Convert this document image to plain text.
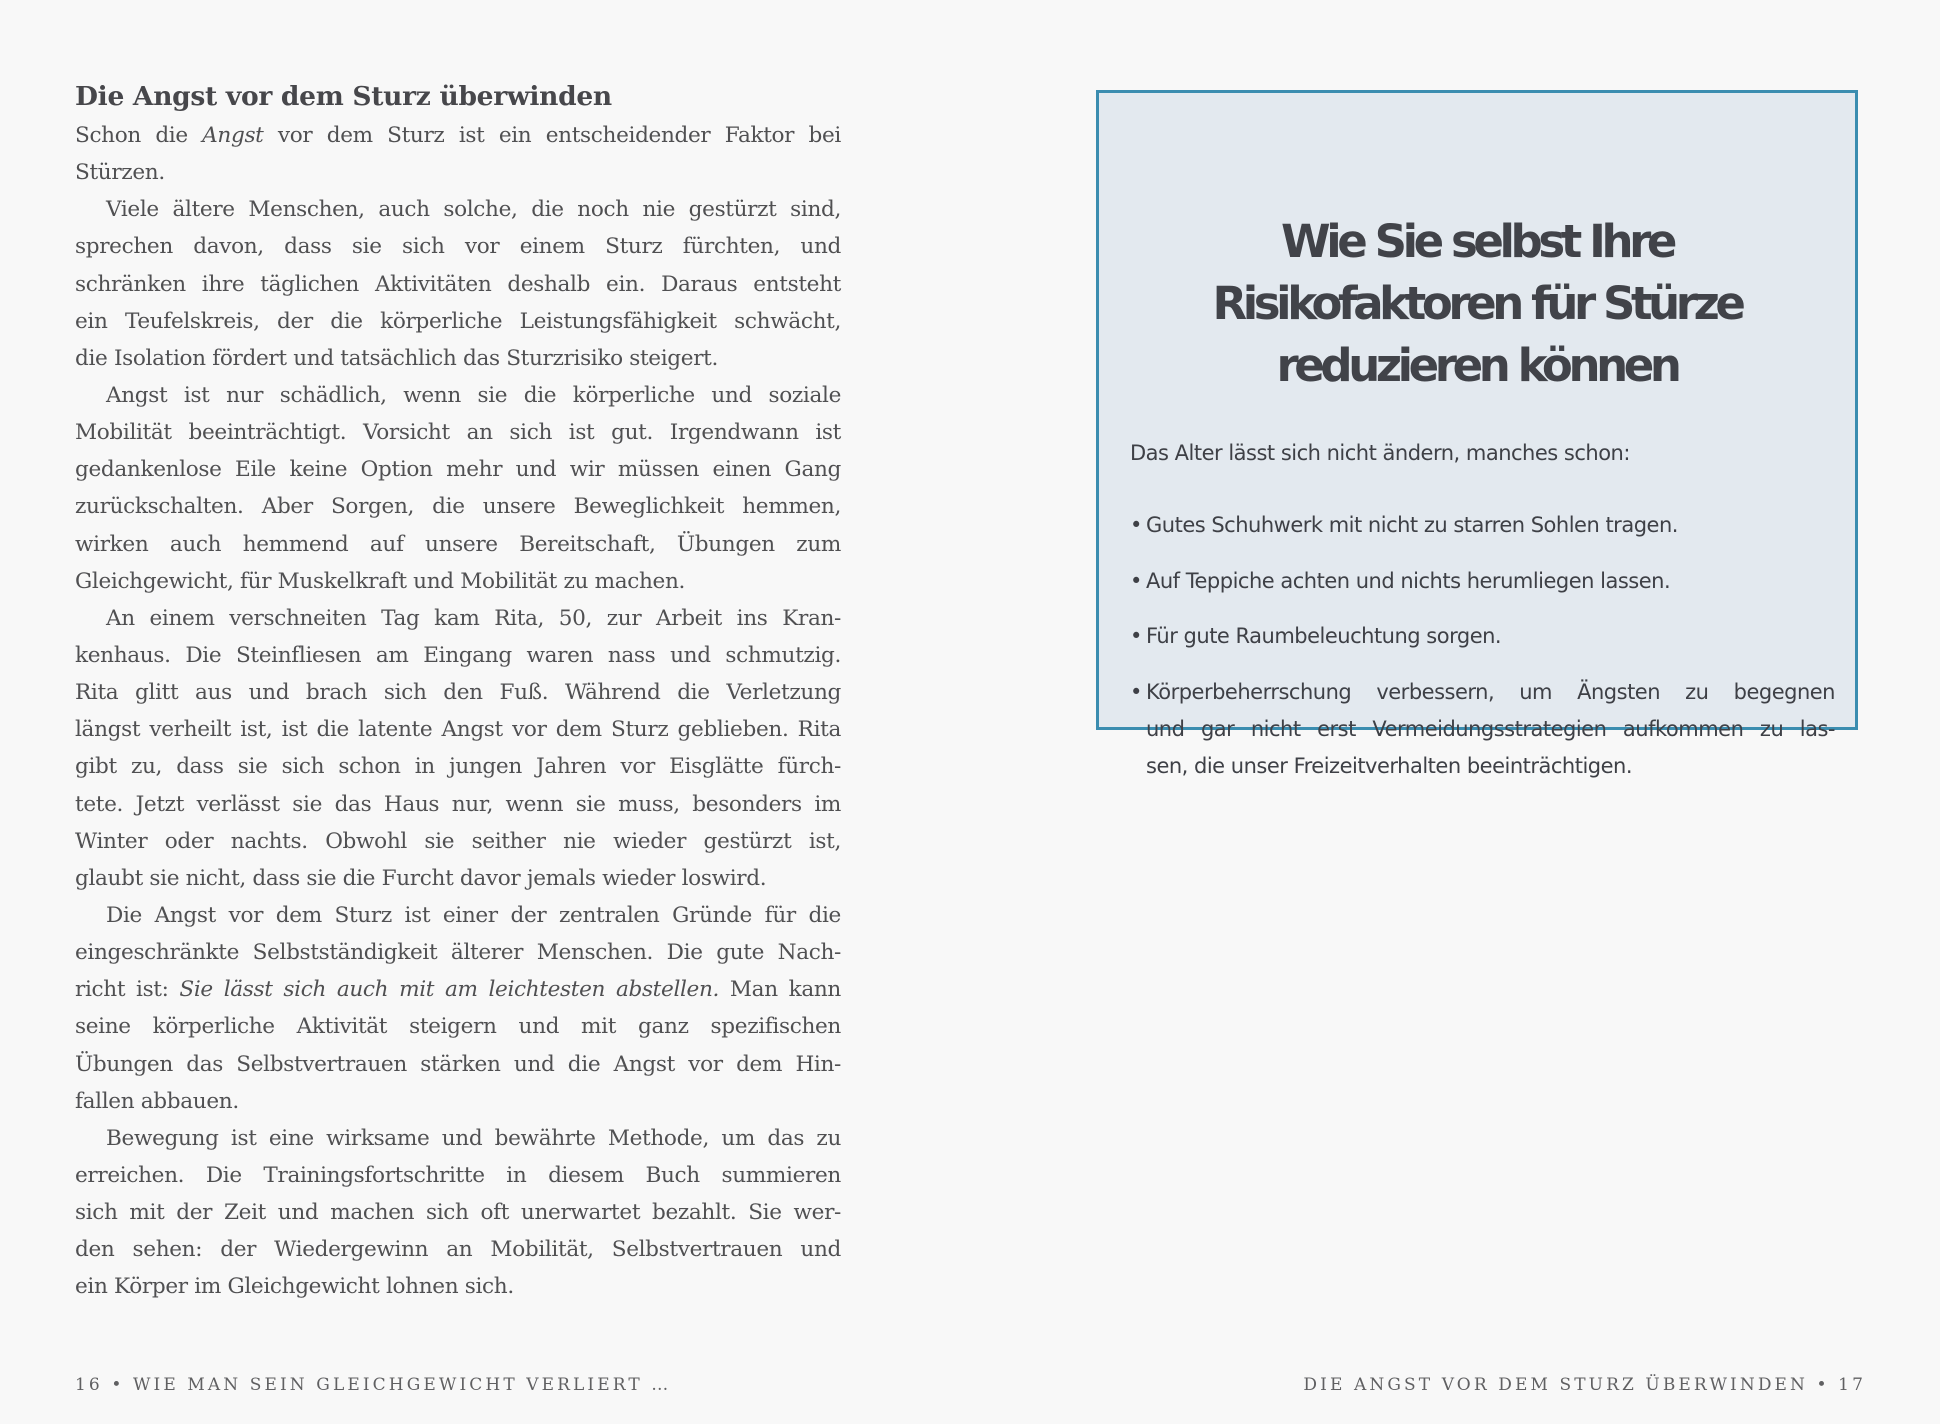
Die Angst vor dem Sturz überwinden
Schon die Angst vor dem Sturz ist ein entscheidender Faktor bei
Stürzen.
Viele ältere Menschen, auch solche, die noch nie gestürzt sind,
sprechen davon, dass sie sich vor einem Sturz fürchten, und
schränken ihre täglichen Aktivitäten deshalb ein. Daraus entsteht
ein Teufelskreis, der die körperliche Leistungsfähigkeit schwächt,
die Isolation fördert und tatsächlich das Sturzrisiko steigert.
Angst ist nur schädlich, wenn sie die körperliche und soziale
Mobilität beeinträchtigt. Vorsicht an sich ist gut. Irgendwann ist
gedankenlose Eile keine Option mehr und wir müssen einen Gang
zurückschalten. Aber Sorgen, die unsere Beweglichkeit hemmen,
wirken auch hemmend auf unsere Bereitschaft, Übungen zum
Gleichgewicht, für Muskelkraft und Mobilität zu machen.
An einem verschneiten Tag kam Rita, 50, zur Arbeit ins Kran-
kenhaus. Die Steinfliesen am Eingang waren nass und schmutzig.
Rita glitt aus und brach sich den Fuß. Während die Verletzung
längst verheilt ist, ist die latente Angst vor dem Sturz geblieben. Rita
gibt zu, dass sie sich schon in jungen Jahren vor Eisglätte fürch-
tete. Jetzt verlässt sie das Haus nur, wenn sie muss, besonders im
Winter oder nachts. Obwohl sie seither nie wieder gestürzt ist,
glaubt sie nicht, dass sie die Furcht davor jemals wieder loswird.
Die Angst vor dem Sturz ist einer der zentralen Gründe für die
eingeschränkte Selbstständigkeit älterer Menschen. Die gute Nach-
richt ist: Sie lässt sich auch mit am leichtesten abstellen. Man kann
seine körperliche Aktivität steigern und mit ganz spezifischen
Übungen das Selbstvertrauen stärken und die Angst vor dem Hin-
fallen abbauen.
Bewegung ist eine wirksame und bewährte Methode, um das zu
erreichen. Die Trainingsfortschritte in diesem Buch summieren
sich mit der Zeit und machen sich oft unerwartet bezahlt. Sie wer-
den sehen: der Wiedergewinn an Mobilität, Selbstvertrauen und
ein Körper im Gleichgewicht lohnen sich.
16 • WIE MAN SEIN GLEICHGEWICHT VERLIERT …
Wie Sie selbst Ihre
Risikofaktoren für Stürze
reduzieren können
Das Alter lässt sich nicht ändern, manches schon:
• Gutes Schuhwerk mit nicht zu starren Sohlen tragen.
• Auf Teppiche achten und nichts herumliegen lassen.
• Für gute Raumbeleuchtung sorgen.
• Körperbeherrschung verbessern, um Ängsten zu begegnen
und gar nicht erst Vermeidungsstrategien aufkommen zu las-
sen, die unser Freizeitverhalten beeinträchtigen.
DIE ANGST VOR DEM STURZ ÜBERWINDEN • 17
